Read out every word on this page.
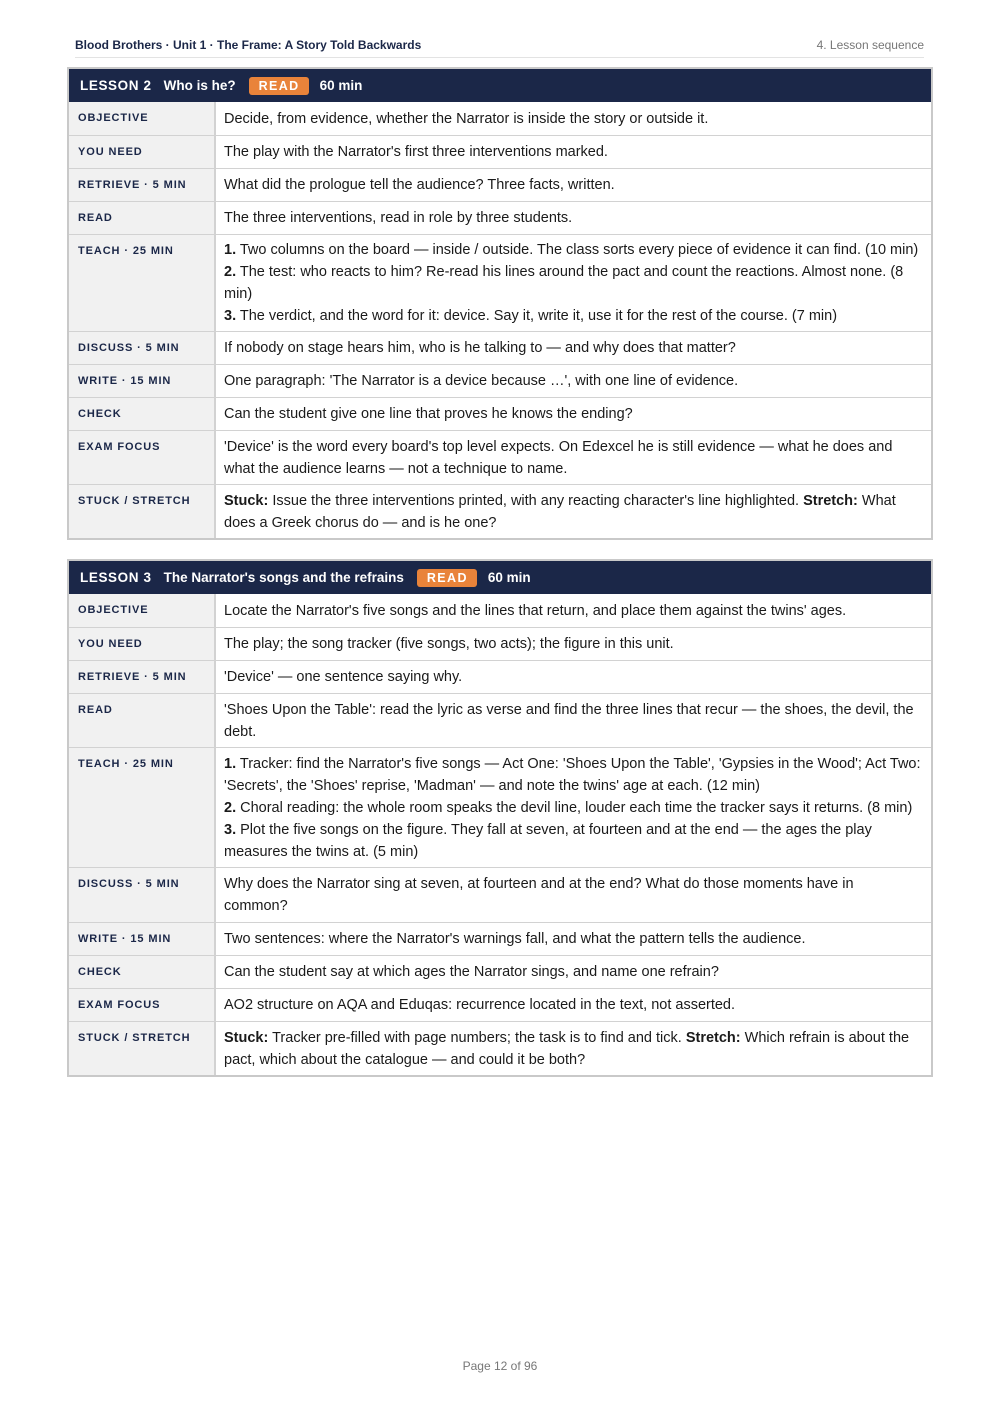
Blood Brothers · Unit 1 · The Frame: A Story Told Backwards	4. Lesson sequence
LESSON 2 Who is he?	READ	60 min
OBJECTIVE	Decide, from evidence, whether the Narrator is inside the story or outside it.
YOU NEED	The play with the Narrator's first three interventions marked.
RETRIEVE · 5 MIN	What did the prologue tell the audience? Three facts, written.
READ	The three interventions, read in role by three students.
TEACH · 25 MIN	1. Two columns on the board — inside / outside. The class sorts every piece of evidence it can find. (10 min)
2. The test: who reacts to him? Re-read his lines around the pact and count the reactions. Almost none. (8 min)
3. The verdict, and the word for it: device. Say it, write it, use it for the rest of the course. (7 min)
DISCUSS · 5 MIN	If nobody on stage hears him, who is he talking to — and why does that matter?
WRITE · 15 MIN	One paragraph: 'The Narrator is a device because …', with one line of evidence.
CHECK	Can the student give one line that proves he knows the ending?
EXAM FOCUS	'Device' is the word every board's top level expects. On Edexcel he is still evidence — what he does and what the audience learns — not a technique to name.
STUCK / STRETCH	Stuck: Issue the three interventions printed, with any reacting character's line highlighted. Stretch: What does a Greek chorus do — and is he one?
LESSON 3 The Narrator's songs and the refrains	READ	60 min
OBJECTIVE	Locate the Narrator's five songs and the lines that return, and place them against the twins' ages.
YOU NEED	The play; the song tracker (five songs, two acts); the figure in this unit.
RETRIEVE · 5 MIN	'Device' — one sentence saying why.
READ	'Shoes Upon the Table': read the lyric as verse and find the three lines that recur — the shoes, the devil, the debt.
TEACH · 25 MIN	1. Tracker: find the Narrator's five songs — Act One: 'Shoes Upon the Table', 'Gypsies in the Wood'; Act Two: 'Secrets', the 'Shoes' reprise, 'Madman' — and note the twins' age at each. (12 min)
2. Choral reading: the whole room speaks the devil line, louder each time the tracker says it returns. (8 min)
3. Plot the five songs on the figure. They fall at seven, at fourteen and at the end — the ages the play measures the twins at. (5 min)
DISCUSS · 5 MIN	Why does the Narrator sing at seven, at fourteen and at the end? What do those moments have in common?
WRITE · 15 MIN	Two sentences: where the Narrator's warnings fall, and what the pattern tells the audience.
CHECK	Can the student say at which ages the Narrator sings, and name one refrain?
EXAM FOCUS	AO2 structure on AQA and Eduqas: recurrence located in the text, not asserted.
STUCK / STRETCH	Stuck: Tracker pre-filled with page numbers; the task is to find and tick. Stretch: Which refrain is about the pact, which about the catalogue — and could it be both?
Page 12 of 96
